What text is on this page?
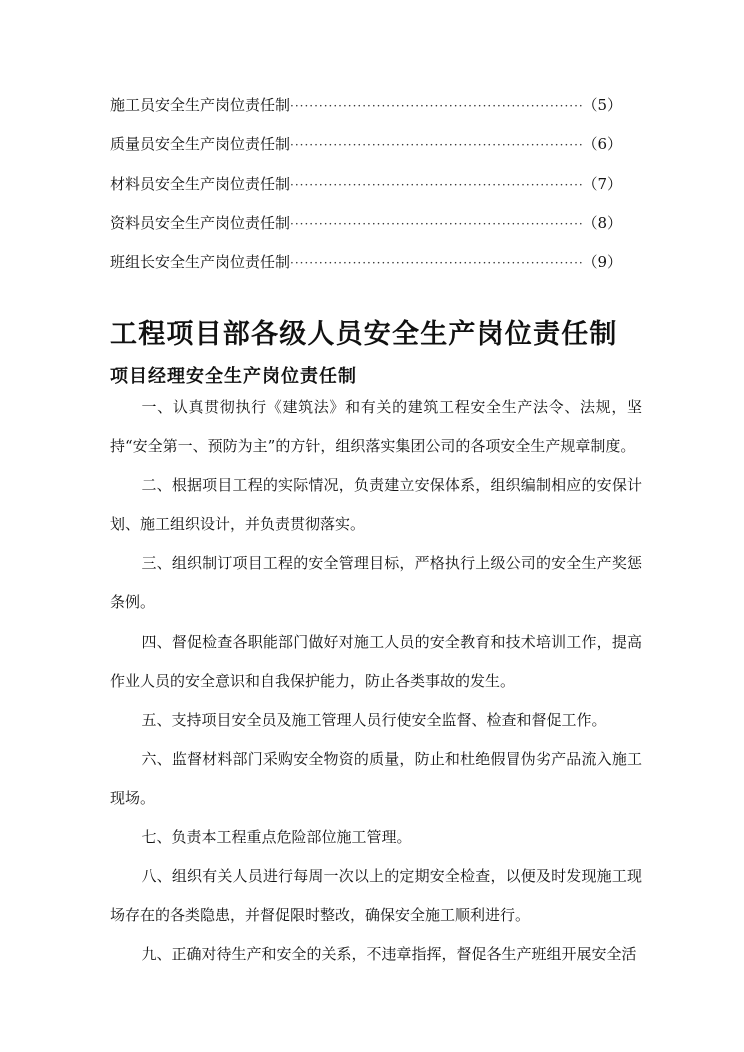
施工员安全生产岗位责任制 ·····	（5）
质量员安全生产岗位责任制 ·····	（6）
材料员安全生产岗位责任制 ·····	（7）
资料员安全生产岗位责任制 ·····	（8）
班组长安全生产岗位责任制 ·····	（9）
工程项目部各级人员安全生产岗位责任制
项目经理安全生产岗位责任制

一、认真贯彻执行《建筑法》和有关的建筑工程安全生产法令、法规，坚持“安全第一、预防为主”的方针，组织落实集团公司的各项安全生产规章制度。

二、根据项目工程的实际情况，负责建立安保体系，组织编制相应的安保计划、施工组织设计，并负责贯彻落实。

三、组织制订项目工程的安全管理目标，严格执行上级公司的安全生产奖惩条例。

四、督促检查各职能部门做好对施工人员的安全教育和技术培训工作，提高作业人员的安全意识和自我保护能力，防止各类事故的发生。

五、支持项目安全员及施工管理人员行使安全监督、检查和督促工作。

六、监督材料部门采购安全物资的质量，防止和杜绝假冒伪劣产品流入施工现场。

七、负责本工程重点危险部位施工管理。

八、组织有关人员进行每周一次以上的定期安全检查，以便及时发现施工现场存在的各类隐患，并督促限时整改，确保安全施工顺利进行。

九、正确对待生产和安全的关系，不违章指挥，督促各生产班组开展安全活
